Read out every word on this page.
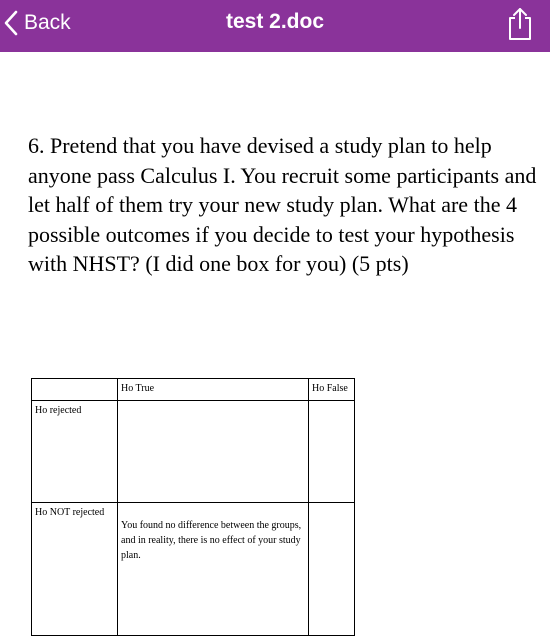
Back	test 2.doc
6. Pretend that you have devised a study plan to help anyone pass Calculus I. You recruit some participants and let half of them try your new study plan. What are the 4 possible outcomes if you decide to test your hypothesis with NHST? (I did one box for you) (5 pts)
	Ho True	Ho False
Ho rejected		
Ho NOT rejected	You found no difference between the groups, and in reality, there is no effect of your study plan.	
